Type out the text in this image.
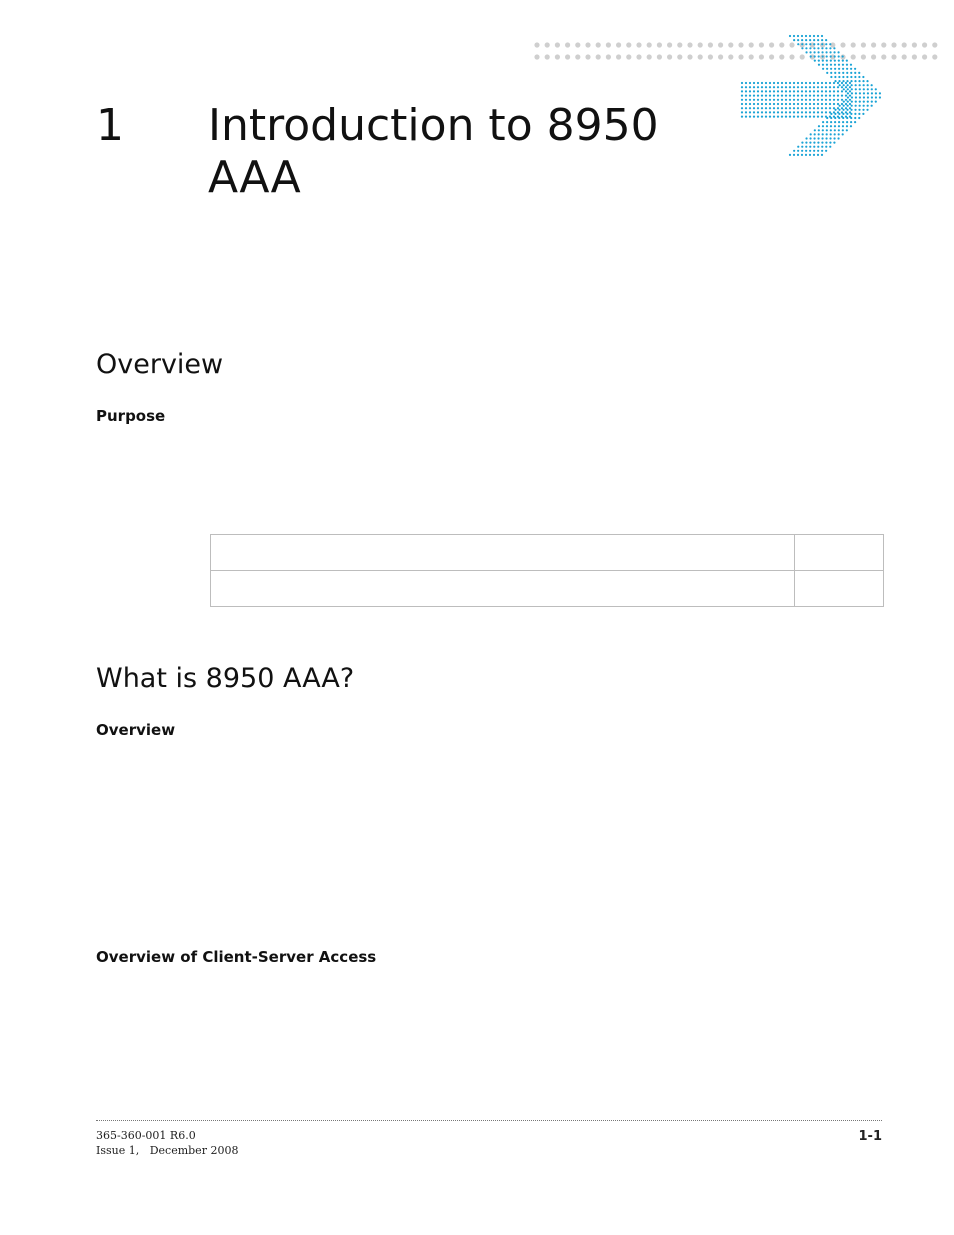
1 Introduction to 8950
AAA
Overview
Purpose

What is 8950 AAA?
Overview
Overview of Client-Server Access
365-360-001 R6.0
Issue 1,   December 2008
1-1
